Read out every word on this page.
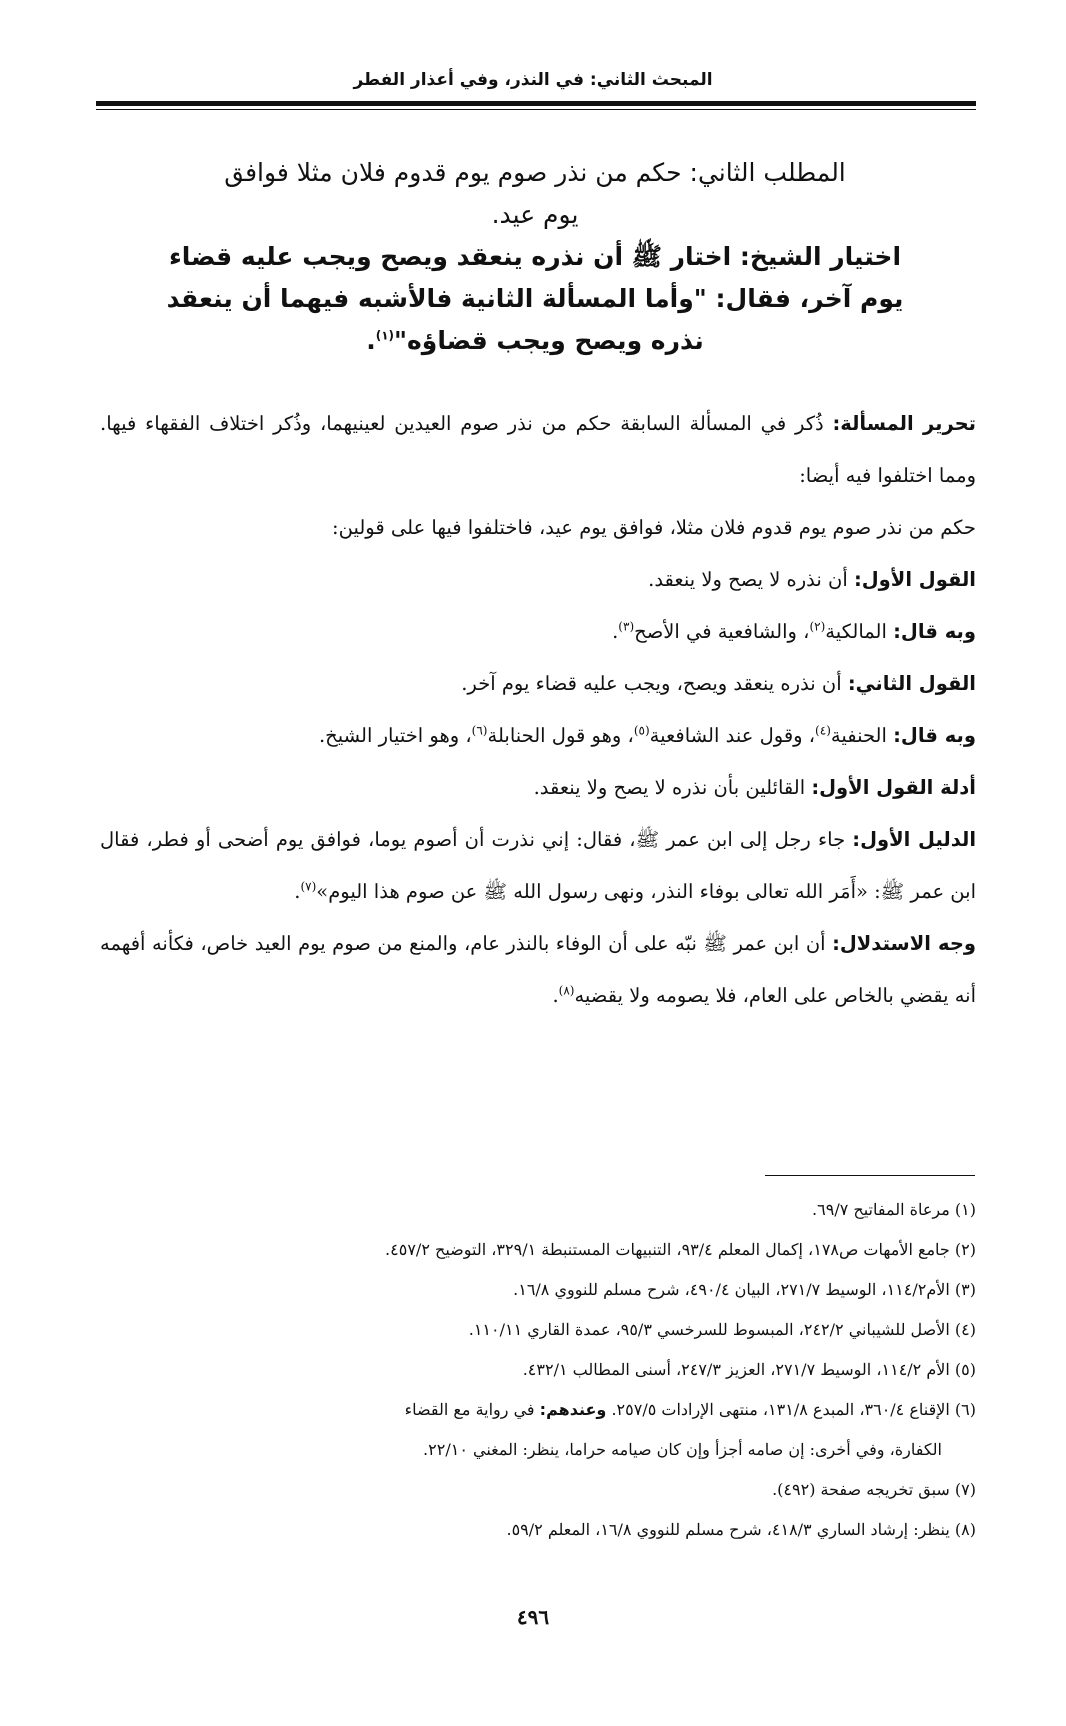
المبحث الثاني: في النذر، وفي أعذار الفطر
المطلب الثاني: حكم من نذر صوم يوم قدوم فلان مثلا فوافق
يوم عيد.
اختيار الشيخ: اختار ﷺ أن نذره ينعقد ويصح ويجب عليه قضاء يوم آخر، فقال: "وأما المسألة الثانية فالأشبه فيهما أن ينعقد نذره ويصح ويجب قضاؤه"$^{(١)}$.

تحرير المسألة: ذُكر في المسألة السابقة حكم من نذر صوم العيدين لعينيهما، وذُكر اختلاف الفقهاء فيها. ومما اختلفوا فيه أيضا:

حكم من نذر صوم يوم قدوم فلان مثلا، فوافق يوم عيد، فاختلفوا فيها على قولين:

القول الأول: أن نذره لا يصح ولا ينعقد.

وبه قال: المالكية$^{(٢)}$، والشافعية في الأصح$^{(٣)}$.

القول الثاني: أن نذره ينعقد ويصح، ويجب عليه قضاء يوم آخر.

وبه قال: الحنفية$^{(٤)}$، وقول عند الشافعية$^{(٥)}$، وهو قول الحنابلة$^{(٦)}$، وهو اختيار الشيخ.

أدلة القول الأول: القائلين بأن نذره لا يصح ولا ينعقد.

الدليل الأول: جاء رجل إلى ابن عمر ﷺ، فقال: إني نذرت أن أصوم يوما، فوافق يوم أضحى أو فطر، فقال ابن عمر ﷺ: «أَمَر الله تعالى بوفاء النذر، ونهى رسول الله ﷺ عن صوم هذا اليوم»$^{(٧)}$.

وجه الاستدلال: أن ابن عمر ﷺ نبّه على أن الوفاء بالنذر عام، والمنع من صوم يوم العيد خاص، فكأنه أفهمه أنه يقضي بالخاص على العام، فلا يصومه ولا يقضيه$^{(٨)}$.

(١) مرعاة المفاتيح ٦٩/٧.

(٢) جامع الأمهات ص١٧٨، إكمال المعلم ٩٣/٤، التنبيهات المستنبطة ٣٢٩/١، التوضيح ٤٥٧/٢.

(٣) الأم١١٤/٢، الوسيط ٢٧١/٧، البيان ٤٩٠/٤، شرح مسلم للنووي ١٦/٨.

(٤) الأصل للشيباني ٢٤٢/٢، المبسوط للسرخسي ٩٥/٣، عمدة القاري ١١٠/١١.

(٥) الأم ١١٤/٢، الوسيط ٢٧١/٧، العزيز ٢٤٧/٣، أسنى المطالب ٤٣٢/١.

(٦) الإقناع ٣٦٠/٤، المبدع ١٣١/٨، منتهى الإرادات ٢٥٧/٥. وعندهم: في رواية مع القضاء

الكفارة، وفي أخرى: إن صامه أجزأ وإن كان صيامه حراما، ينظر: المغني ٢٢/١٠.

(٧) سبق تخريجه صفحة (٤٩٢).

(٨) ينظر: إرشاد الساري ٤١٨/٣، شرح مسلم للنووي ١٦/٨، المعلم ٥٩/٢.

٤٩٦
